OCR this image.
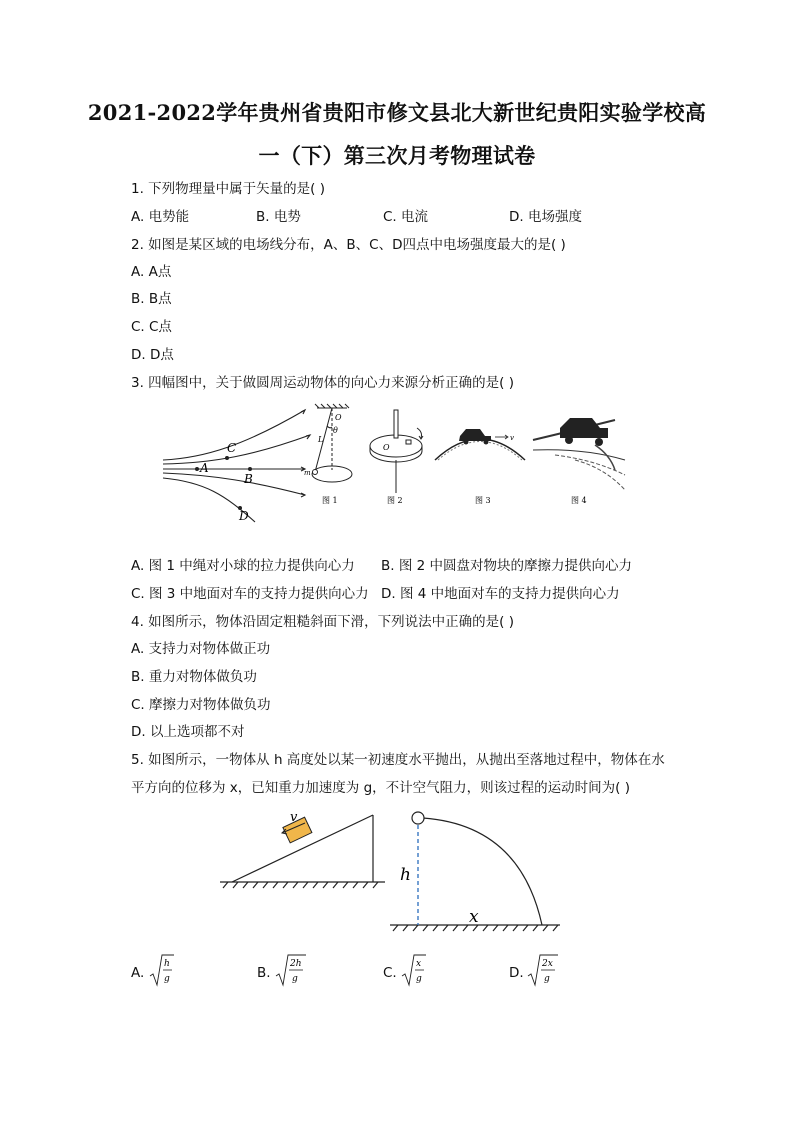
2021-2022学年贵州省贵阳市修文县北大新世纪贵阳实验学校高
一（下）第三次月考物理试卷
1. 下列物理量中属于矢量的是( )
A. 电势能	B. 电势	C. 电流	D. 电场强度
2. 如图是某区域的电场线分布，A、B、C、D四点中电场强度最大的是( )
A. A点
B. B点
C. C点
D. D点
3. 四幅图中，关于做圆周运动物体的向心力来源分析正确的是( )
C
A
B
D
O
θ
L
m
图 1
O
图 2
v
图 3	图 4
A. 图 1 中绳对小球的拉力提供向心力 B. 图 2 中圆盘对物块的摩擦力提供向心力
C. 图 3 中地面对车的支持力提供向心力 D. 图 4 中地面对车的支持力提供向心力
4. 如图所示，物体沿固定粗糙斜面下滑，下列说法中正确的是( )
A. 支持力对物体做正功
B. 重力对物体做负功
C. 摩擦力对物体做负功
D. 以上选项都不对
5. 如图所示，一物体从 h 高度处以某一初速度水平抛出，从抛出至落地过程中，物体在水
平方向的位移为 x，已知重力加速度为 g，不计空气阻力，则该过程的运动时间为( )
v
h
x
A.	B.	C.	D.
h
g
2h
g
x
g
2x
g
